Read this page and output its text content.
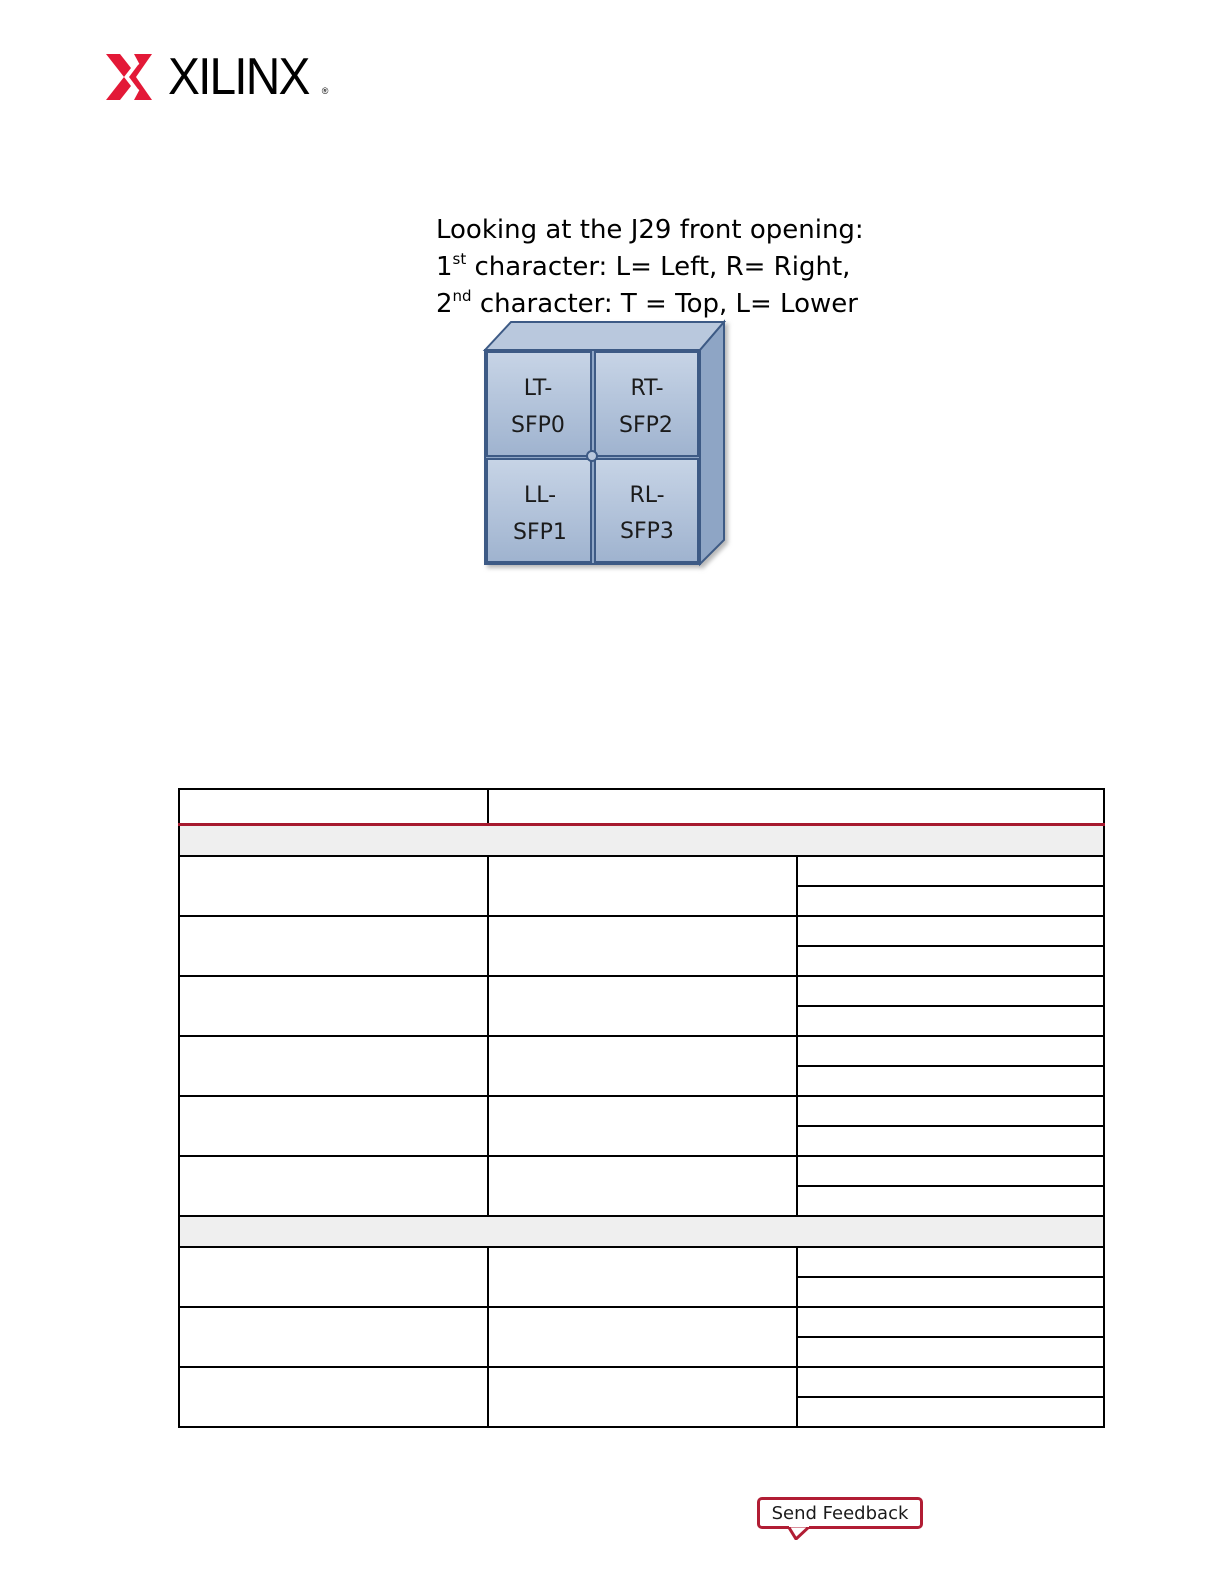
XILINX ®
Looking at the J29 front opening:
1st character: L= Left, R= Right,
2nd character: T = Top, L= Lower
LT-
SFP0
RT-
SFP2
LL-
SFP1
RL-
SFP3
Send Feedback
